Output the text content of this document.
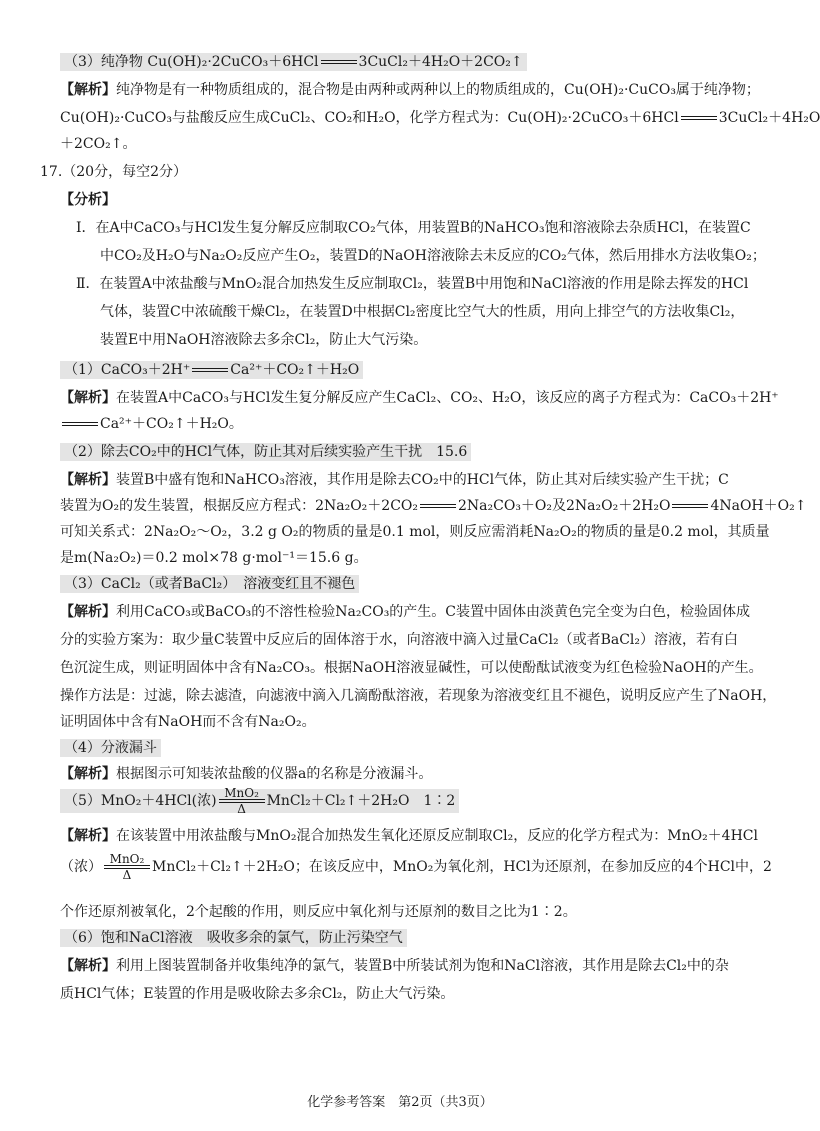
（3）纯净物 Cu(OH)₂·2CuCO₃＋6HCl	3CuCl₂＋4H₂O＋2CO₂↑
【解析】纯净物是有一种物质组成的，混合物是由两种或两种以上的物质组成的，Cu(OH)₂·CuCO₃属于纯净物；
Cu(OH)₂·CuCO₃与盐酸反应生成CuCl₂、CO₂和H₂O，化学方程式为：Cu(OH)₂·2CuCO₃＋6HCl	3CuCl₂＋4H₂O
＋2CO₂↑。
17.（20分，每空2分）
【分析】
Ⅰ．在A中CaCO₃与HCl发生复分解反应制取CO₂气体，用装置B的NaHCO₃饱和溶液除去杂质HCl，在装置C
中CO₂及H₂O与Na₂O₂反应产生O₂，装置D的NaOH溶液除去未反应的CO₂气体，然后用排水方法收集O₂；
Ⅱ．在装置A中浓盐酸与MnO₂混合加热发生反应制取Cl₂，装置B中用饱和NaCl溶液的作用是除去挥发的HCl
气体，装置C中浓硫酸干燥Cl₂，在装置D中根据Cl₂密度比空气大的性质，用向上排空气的方法收集Cl₂，
装置E中用NaOH溶液除去多余Cl₂，防止大气污染。
（1）CaCO₃＋2H⁺	Ca²⁺＋CO₂↑＋H₂O
【解析】在装置A中CaCO₃与HCl发生复分解反应产生CaCl₂、CO₂、H₂O，该反应的离子方程式为：CaCO₃＋2H⁺
Ca²⁺＋CO₂↑＋H₂O。
（2）除去CO₂中的HCl气体，防止其对后续实验产生干扰　15.6
【解析】装置B中盛有饱和NaHCO₃溶液，其作用是除去CO₂中的HCl气体，防止其对后续实验产生干扰；C
装置为O₂的发生装置，根据反应方程式：2Na₂O₂＋2CO₂	2Na₂CO₃＋O₂及2Na₂O₂＋2H₂O	4NaOH＋O₂↑
可知关系式：2Na₂O₂～O₂，3.2 g O₂的物质的量是0.1 mol，则反应需消耗Na₂O₂的物质的量是0.2 mol，其质量
是m(Na₂O₂)＝0.2 mol×78 g·mol⁻¹＝15.6 g。
（3）CaCl₂（或者BaCl₂）　溶液变红且不褪色
【解析】利用CaCO₃或BaCO₃的不溶性检验Na₂CO₃的产生。C装置中固体由淡黄色完全变为白色，检验固体成
分的实验方案为：取少量C装置中反应后的固体溶于水，向溶液中滴入过量CaCl₂（或者BaCl₂）溶液，若有白
色沉淀生成，则证明固体中含有Na₂CO₃。根据NaOH溶液显碱性，可以使酚酞试液变为红色检验NaOH的产生。
操作方法是：过滤，除去滤渣，向滤液中滴入几滴酚酞溶液，若现象为溶液变红且不褪色，说明反应产生了NaOH，
证明固体中含有NaOH而不含有Na₂O₂。
（4）分液漏斗
【解析】根据图示可知装浓盐酸的仪器a的名称是分液漏斗。
（5）MnO₂＋4HCl(浓) MnO₂
Δ	MnCl₂＋Cl₂↑＋2H₂O　1∶2
【解析】在该装置中用浓盐酸与MnO₂混合加热发生氧化还原反应制取Cl₂，反应的化学方程式为：MnO₂＋4HCl
（浓） MnO₂
Δ	MnCl₂＋Cl₂↑＋2H₂O；在该反应中，MnO₂为氧化剂，HCl为还原剂，在参加反应的4个HCl中，2
个作还原剂被氧化，2个起酸的作用，则反应中氧化剂与还原剂的数目之比为1∶2。
（6）饱和NaCl溶液　吸收多余的氯气，防止污染空气
【解析】利用上图装置制备并收集纯净的氯气，装置B中所装试剂为饱和NaCl溶液，其作用是除去Cl₂中的杂
质HCl气体；E装置的作用是吸收除去多余Cl₂，防止大气污染。
化学参考答案　第2页（共3页）
